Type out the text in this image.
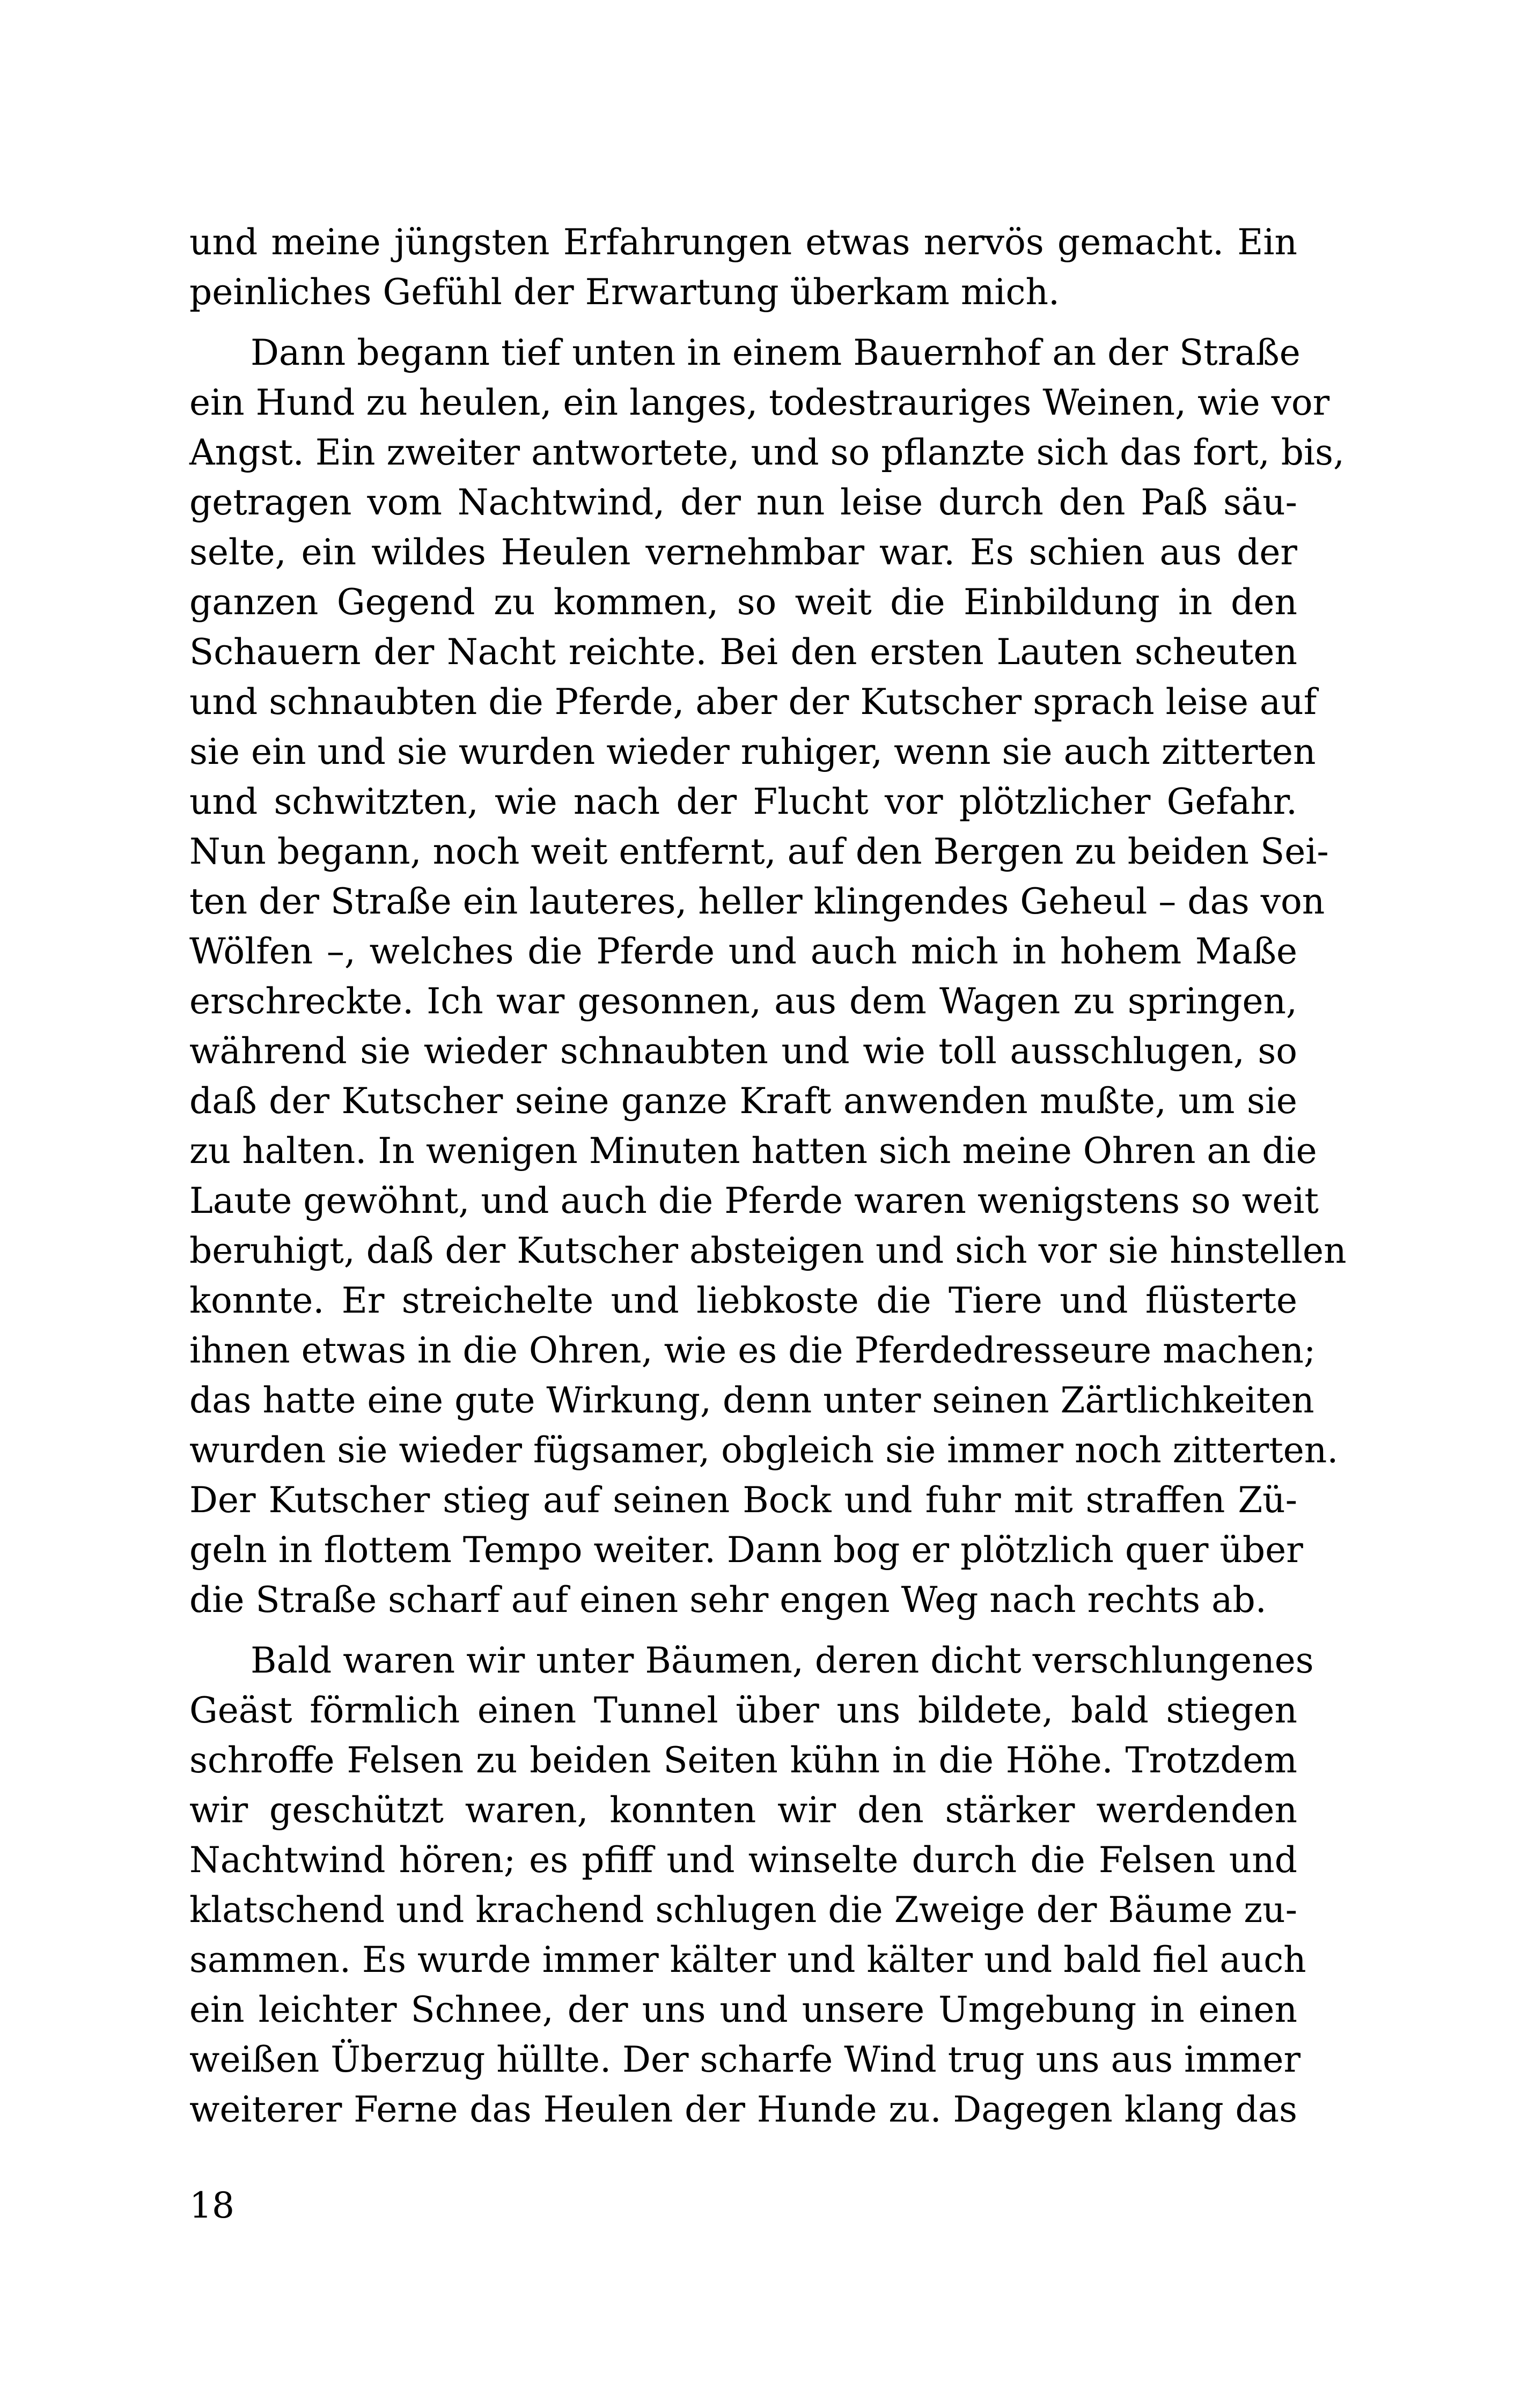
und meine jüngsten Erfahrungen etwas nervös gemacht. Ein
peinliches Gefühl der Erwartung überkam mich.
Dann begann tief unten in einem Bauernhof an der Straße
ein Hund zu heulen, ein langes, todestrauriges Weinen, wie vor
Angst. Ein zweiter antwortete, und so pflanzte sich das fort, bis,
getragen vom Nachtwind, der nun leise durch den Paß säu-
selte, ein wildes Heulen vernehmbar war. Es schien aus der
ganzen Gegend zu kommen, so weit die Einbildung in den
Schauern der Nacht reichte. Bei den ersten Lauten scheuten
und schnaubten die Pferde, aber der Kutscher sprach leise auf
sie ein und sie wurden wieder ruhiger, wenn sie auch zitterten
und schwitzten, wie nach der Flucht vor plötzlicher Gefahr.
Nun begann, noch weit entfernt, auf den Bergen zu beiden Sei-
ten der Straße ein lauteres, heller klingendes Geheul – das von
Wölfen –, welches die Pferde und auch mich in hohem Maße
erschreckte. Ich war gesonnen, aus dem Wagen zu springen,
während sie wieder schnaubten und wie toll ausschlugen, so
daß der Kutscher seine ganze Kraft anwenden mußte, um sie
zu halten. In wenigen Minuten hatten sich meine Ohren an die
Laute gewöhnt, und auch die Pferde waren wenigstens so weit
beruhigt, daß der Kutscher absteigen und sich vor sie hinstellen
konnte. Er streichelte und liebkoste die Tiere und flüsterte
ihnen etwas in die Ohren, wie es die Pferdedresseure machen;
das hatte eine gute Wirkung, denn unter seinen Zärtlichkeiten
wurden sie wieder fügsamer, obgleich sie immer noch zitterten.
Der Kutscher stieg auf seinen Bock und fuhr mit straffen Zü-
geln in flottem Tempo weiter. Dann bog er plötzlich quer über
die Straße scharf auf einen sehr engen Weg nach rechts ab.
Bald waren wir unter Bäumen, deren dicht verschlungenes
Geäst förmlich einen Tunnel über uns bildete, bald stiegen
schroffe Felsen zu beiden Seiten kühn in die Höhe. Trotzdem
wir geschützt waren, konnten wir den stärker werdenden
Nachtwind hören; es pfiff und winselte durch die Felsen und
klatschend und krachend schlugen die Zweige der Bäume zu-
sammen. Es wurde immer kälter und kälter und bald fiel auch
ein leichter Schnee, der uns und unsere Umgebung in einen
weißen Überzug hüllte. Der scharfe Wind trug uns aus immer
weiterer Ferne das Heulen der Hunde zu. Dagegen klang das
18
